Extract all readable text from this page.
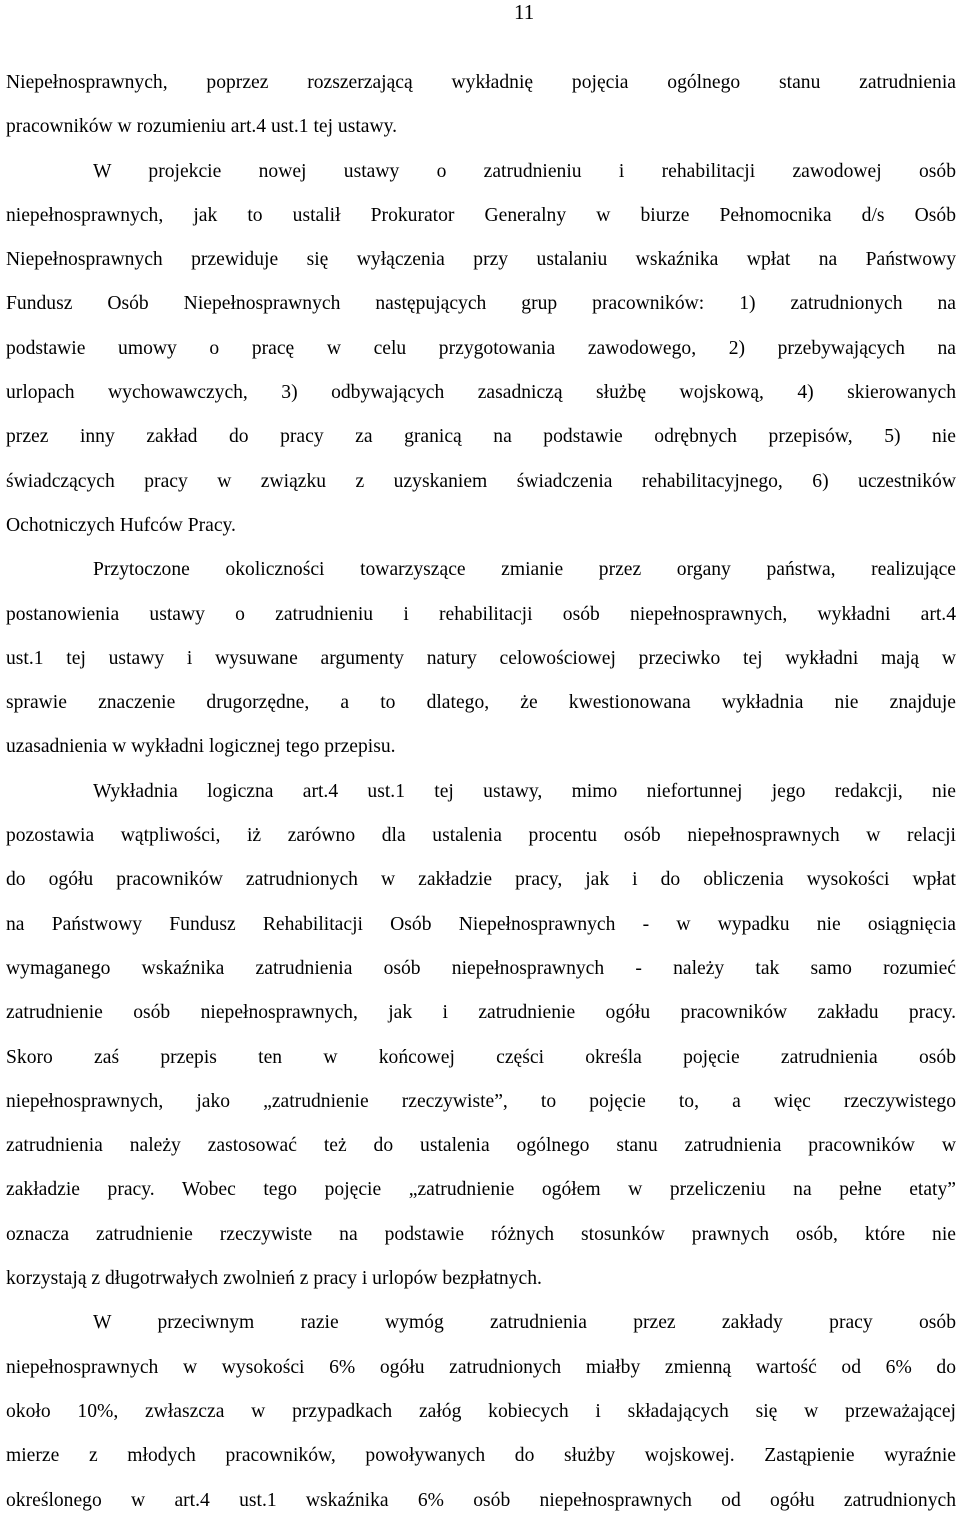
11
Niepełnosprawnych, poprzez rozszerzającą wykładnię pojęcia ogólnego stanu zatrudnienia
pracowników w rozumieniu art.4 ust.1 tej ustawy.
W projekcie nowej ustawy o zatrudnieniu i rehabilitacji zawodowej osób
niepełnosprawnych, jak to ustalił Prokurator Generalny w biurze Pełnomocnika d/s Osób
Niepełnosprawnych przewiduje się wyłączenia przy ustalaniu wskaźnika wpłat na Państwowy
Fundusz Osób Niepełnosprawnych następujących grup pracowników: 1) zatrudnionych na
podstawie umowy o pracę w celu przygotowania zawodowego, 2) przebywających na
urlopach wychowawczych, 3) odbywających zasadniczą służbę wojskową, 4) skierowanych
przez inny zakład do pracy za granicą na podstawie odrębnych przepisów, 5) nie
świadczących pracy w związku z uzyskaniem świadczenia rehabilitacyjnego, 6) uczestników
Ochotniczych Hufców Pracy.
Przytoczone okoliczności towarzyszące zmianie przez organy państwa, realizujące
postanowienia ustawy o zatrudnieniu i rehabilitacji osób niepełnosprawnych, wykładni art.4
ust.1 tej ustawy i wysuwane argumenty natury celowościowej przeciwko tej wykładni mają w
sprawie znaczenie drugorzędne, a to dlatego, że kwestionowana wykładnia nie znajduje
uzasadnienia w wykładni logicznej tego przepisu.
Wykładnia logiczna art.4 ust.1 tej ustawy, mimo niefortunnej jego redakcji, nie
pozostawia wątpliwości, iż zarówno dla ustalenia procentu osób niepełnosprawnych w relacji
do ogółu pracowników zatrudnionych w zakładzie pracy, jak i do obliczenia wysokości wpłat
na Państwowy Fundusz Rehabilitacji Osób Niepełnosprawnych - w wypadku nie osiągnięcia
wymaganego wskaźnika zatrudnienia osób niepełnosprawnych - należy tak samo rozumieć
zatrudnienie osób niepełnosprawnych, jak i zatrudnienie ogółu pracowników zakładu pracy.
Skoro zaś przepis ten w końcowej części określa pojęcie zatrudnienia osób
niepełnosprawnych, jako „zatrudnienie rzeczywiste”, to pojęcie to, a więc rzeczywistego
zatrudnienia należy zastosować też do ustalenia ogólnego stanu zatrudnienia pracowników w
zakładzie pracy. Wobec tego pojęcie „zatrudnienie ogółem w przeliczeniu na pełne etaty”
oznacza zatrudnienie rzeczywiste na podstawie różnych stosunków prawnych osób, które nie
korzystają z długotrwałych zwolnień z pracy i urlopów bezpłatnych.
W przeciwnym razie wymóg zatrudnienia przez zakłady pracy osób
niepełnosprawnych w wysokości 6% ogółu zatrudnionych miałby zmienną wartość od 6% do
około 10%, zwłaszcza w przypadkach załóg kobiecych i składających się w przeważającej
mierze z młodych pracowników, powoływanych do służby wojskowej. Zastąpienie wyraźnie
określonego w art.4 ust.1 wskaźnika 6% osób niepełnosprawnych od ogółu zatrudnionych
